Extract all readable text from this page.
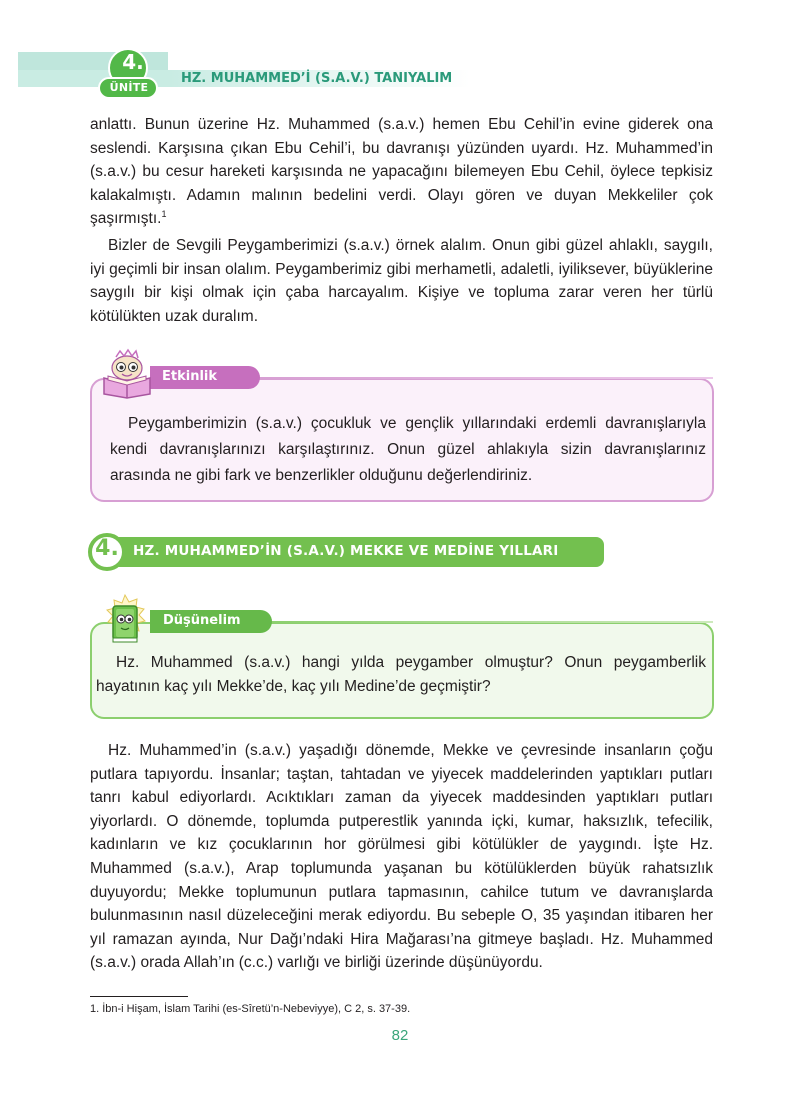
4.
ÜNİTE
HZ. MUHAMMED’İ (S.A.V.) TANIYALIM

anlattı. Bunun üzerine Hz. Muhammed (s.a.v.) hemen Ebu Cehil’in evine giderek ona seslendi. Karşısına çıkan Ebu Cehil’i, bu davranışı yüzünden uyardı. Hz. Muhammed’in (s.a.v.) bu cesur hareketi karşısında ne yapacağını bilemeyen Ebu Cehil, öylece tepkisiz kalakalmıştı. Adamın malının bedelini verdi. Olayı gören ve duyan Mekkeliler çok şaşırmıştı.$^1$

Bizler de Sevgili Peygamberimizi (s.a.v.) örnek alalım. Onun gibi güzel ahlaklı, saygılı, iyi geçimli bir insan olalım. Peygamberimiz gibi merhametli, adaletli, iyiliksever, büyüklerine saygılı bir kişi olmak için çaba harcayalım. Kişiye ve topluma zarar veren her türlü kötülükten uzak duralım.

Etkinlik

Peygamberimizin (s.a.v.) çocukluk ve gençlik yıllarındaki erdemli davranışlarıyla kendi davranışlarınızı karşılaştırınız. Onun güzel ahlakıyla sizin davranışlarınız arasında ne gibi fark ve benzerlikler olduğunu değerlendiriniz.

4.	HZ. MUHAMMED’İN (S.A.V.) MEKKE VE MEDİNE YILLARI
Düşünelim

Hz. Muhammed (s.a.v.) hangi yılda peygamber olmuştur? Onun peygamberlik hayatının kaç yılı Mekke’de, kaç yılı Medine’de geçmiştir?

Hz. Muhammed’in (s.a.v.) yaşadığı dönemde, Mekke ve çevresinde insanların çoğu putlara tapıyordu. İnsanlar; taştan, tahtadan ve yiyecek maddelerinden yaptıkları putları tanrı kabul ediyorlardı. Acıktıkları zaman da yiyecek maddesinden yaptıkları putları yiyorlardı. O dönemde, toplumda putperestlik yanında içki, kumar, haksızlık, tefecilik, kadınların ve kız çocuklarının hor görülmesi gibi kötülükler de yaygındı. İşte Hz. Muhammed (s.a.v.), Arap toplumunda yaşanan bu kötülüklerden büyük rahatsızlık duyuyordu; Mekke toplumunun putlara tapmasının, cahilce tutum ve davranışlarda bulunmasının nasıl düzeleceğini merak ediyordu. Bu sebeple O, 35 yaşından itibaren her yıl ramazan ayında, Nur Dağı’ndaki Hira Mağarası’na gitmeye başladı. Hz. Muhammed (s.a.v.) orada Allah’ın (c.c.) varlığı ve birliği üzerinde düşünüyordu.

1. İbn-i Hişam, İslam Tarihi (es-Sîretü’n-Nebeviyye), C 2, s. 37-39.
82
